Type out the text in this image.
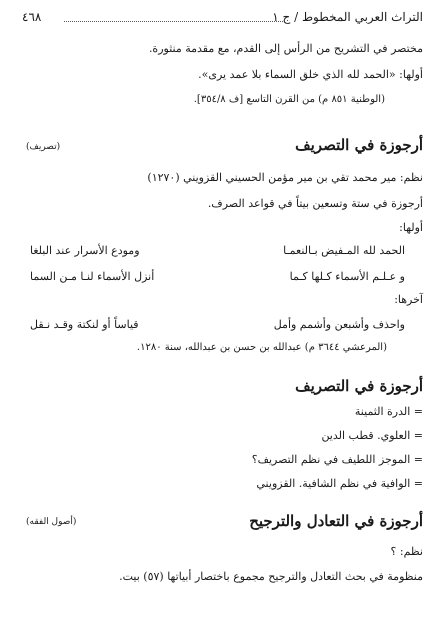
التراث العربي المخطوط / ج ١
٤٦٨
مختصر في التشريح من الرأس إلى القدم، مع مقدمة منثورة.
أولها: «الحمد لله الذي خلق السماء بلا عمد يرى».
(الوطنية ٨٥١ م) من القرن التاسع [ف ٣٥٤/٨].
أرجوزة في التصريف
(تصريف)
نظم: مير محمد تقي بن مير مؤمن الحسيني القزويني (١٢٧٠)
أرجوزة في ستة وتسعين بيتاً في قواعد الصرف.
أولها:
الحمد لله المـفيض بـالنعمـا
ومودع الأسرار عند البلغا
و عـلـم الأسماء كـلها كـما
أنزل الأسماء لنـا مـن السما
آخرها:
واحذف وأشبعن وأشمم وأمل
قياساً أو لنكتة وقـد نـقل
(المرعشي ٣٦٤٤ م) عبدالله بن حسن بن عبدالله، سنة ١٢٨٠.
أرجوزة في التصريف
= الدرة الثمينة
= العلوي. قطب الدين
= الموجز اللطيف في نظم التصريف؟
= الوافية في نظم الشافية. القزويني
أرجوزة في التعادل والترجيح
(أصول الفقه)
نظم: ؟
منظومة في بحث التعادل والترجيح مجموع باختصار أبياتها (٥٧) بيت.
